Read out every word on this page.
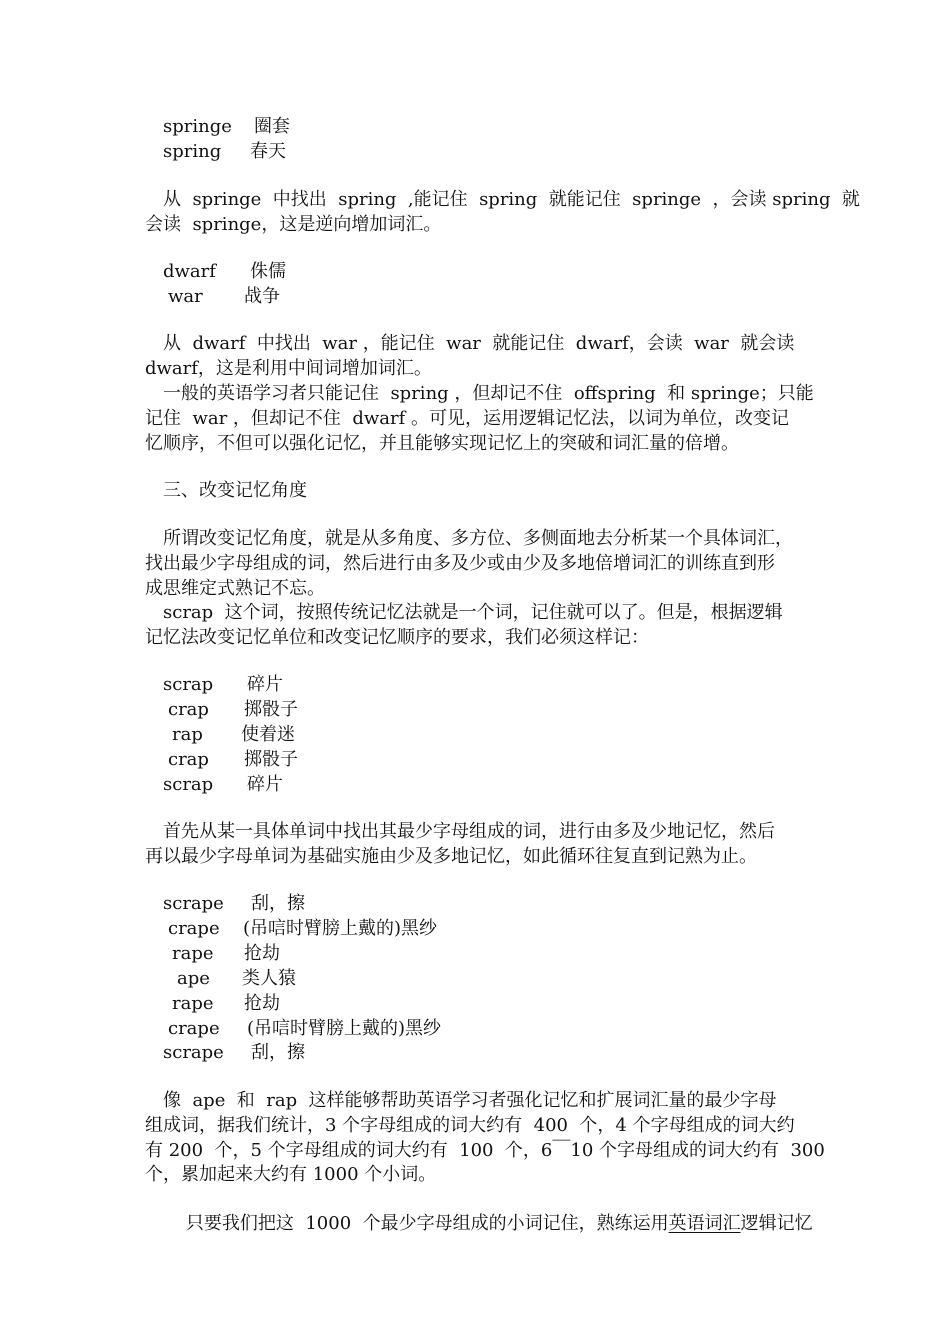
springe 圈套
spring 春天
从  springe  中找出  spring  ,能记住  spring  就能记住  springe  ，会读 spring  就
会读  springe，这是逆向增加词汇。
dwarf 侏儒
war 战争
从  dwarf  中找出  war ，能记住  war  就能记住  dwarf，会读  war  就会读
dwarf，这是利用中间词增加词汇。
一般的英语学习者只能记住  spring ，但却记不住  offspring  和 springe；只能
记住  war ，但却记不住  dwarf 。可见，运用逻辑记忆法，以词为单位，改变记
忆顺序，不但可以强化记忆，并且能够实现记忆上的突破和词汇量的倍增。
三、改变记忆角度
所谓改变记忆角度，就是从多角度、多方位、多侧面地去分析某一个具体词汇，
找出最少字母组成的词，然后进行由多及少或由少及多地倍增词汇的训练直到形
成思维定式熟记不忘。
scrap  这个词，按照传统记忆法就是一个词，记住就可以了。但是，根据逻辑
记忆法改变记忆单位和改变记忆顺序的要求，我们必须这样记：
scrap 碎片
crap 掷骰子
rap 使着迷
crap 掷骰子
scrap 碎片
首先从某一具体单词中找出其最少字母组成的词，进行由多及少地记忆，然后
再以最少字母单词为基础实施由少及多地记忆，如此循环往复直到记熟为止。
scrape 刮，擦
crape (吊唁时臂膀上戴的)黑纱
rape 抢劫
ape 类人猿
rape 抢劫
crape (吊唁时臂膀上戴的)黑纱
scrape 刮，擦
像  ape  和  rap  这样能够帮助英语学习者强化记忆和扩展词汇量的最少字母
组成词，据我们统计，3 个字母组成的词大约有  400  个，4 个字母组成的词大约
有 200  个，5 个字母组成的词大约有  100  个，6￣10 个字母组成的词大约有  300
个，累加起来大约有 1000 个小词。

只要我们把这  1000  个最少字母组成的小词记住，熟练运用英语词汇逻辑记忆
